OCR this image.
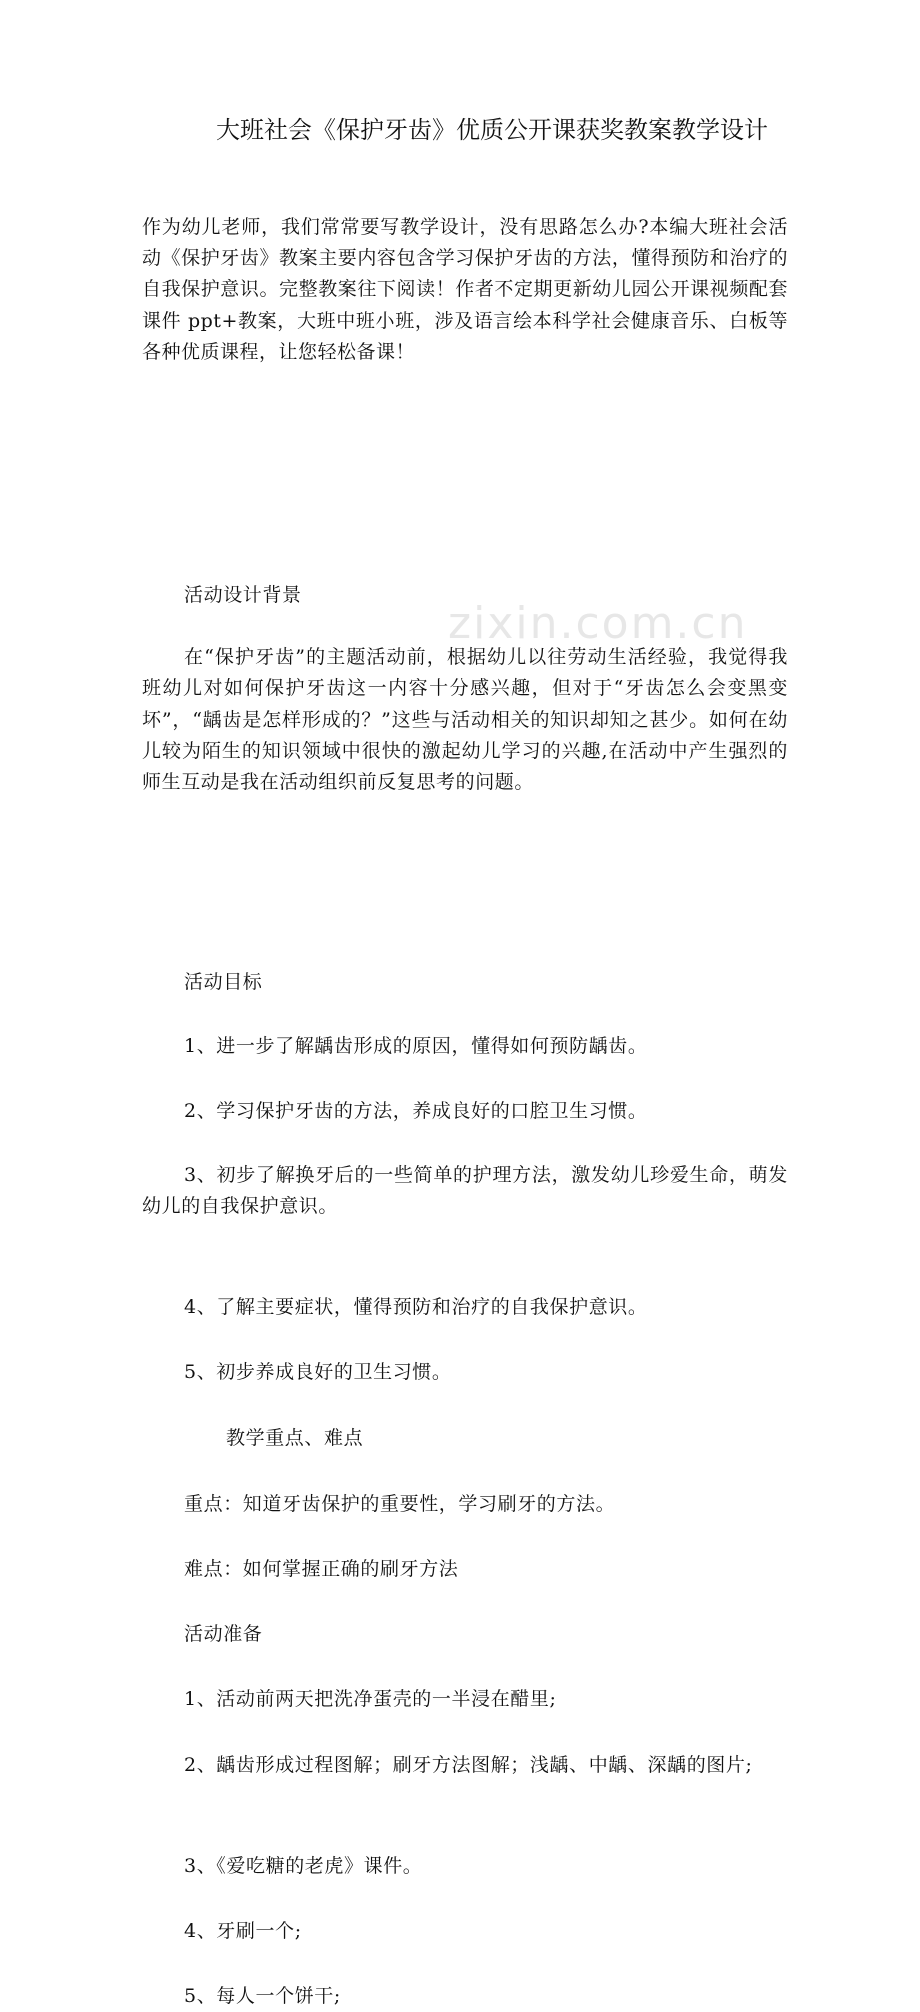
zixin.com.cn
大班社会《保护牙齿》优质公开课获奖教案教学设计

作为幼儿老师，我们常常要写教学设计，没有思路怎么办?本编大班社会活动《保护牙齿》教案主要内容包含学习保护牙齿的方法，懂得预防和治疗的自我保护意识。完整教案往下阅读！作者不定期更新幼儿园公开课视频配套课件 ppt+教案，大班中班小班，涉及语言绘本科学社会健康音乐、白板等各种优质课程，让您轻松备课！

活动设计背景

在“保护牙齿”的主题活动前，根据幼儿以往劳动生活经验，我觉得我班幼儿对如何保护牙齿这一内容十分感兴趣，但对于“牙齿怎么会变黑变坏”，“龋齿是怎样形成的？”这些与活动相关的知识却知之甚少。如何在幼儿较为陌生的知识领域中很快的激起幼儿学习的兴趣,在活动中产生强烈的师生互动是我在活动组织前反复思考的问题。

活动目标
1、进一步了解龋齿形成的原因，懂得如何预防龋齿。
2、学习保护牙齿的方法，养成良好的口腔卫生习惯。
3、初步了解换牙后的一些简单的护理方法，激发幼儿珍爱生命，萌发幼儿的自我保护意识。
4、了解主要症状，懂得预防和治疗的自我保护意识。
5、初步养成良好的卫生习惯。
教学重点、难点
重点：知道牙齿保护的重要性，学习刷牙的方法。
难点：如何掌握正确的刷牙方法
活动准备
1、活动前两天把洗净蛋壳的一半浸在醋里;
2、龋齿形成过程图解；刷牙方法图解；浅龋、中龋、深龋的图片;
3、《爱吃糖的老虎》课件。
4、牙刷一个;
5、每人一个饼干;
